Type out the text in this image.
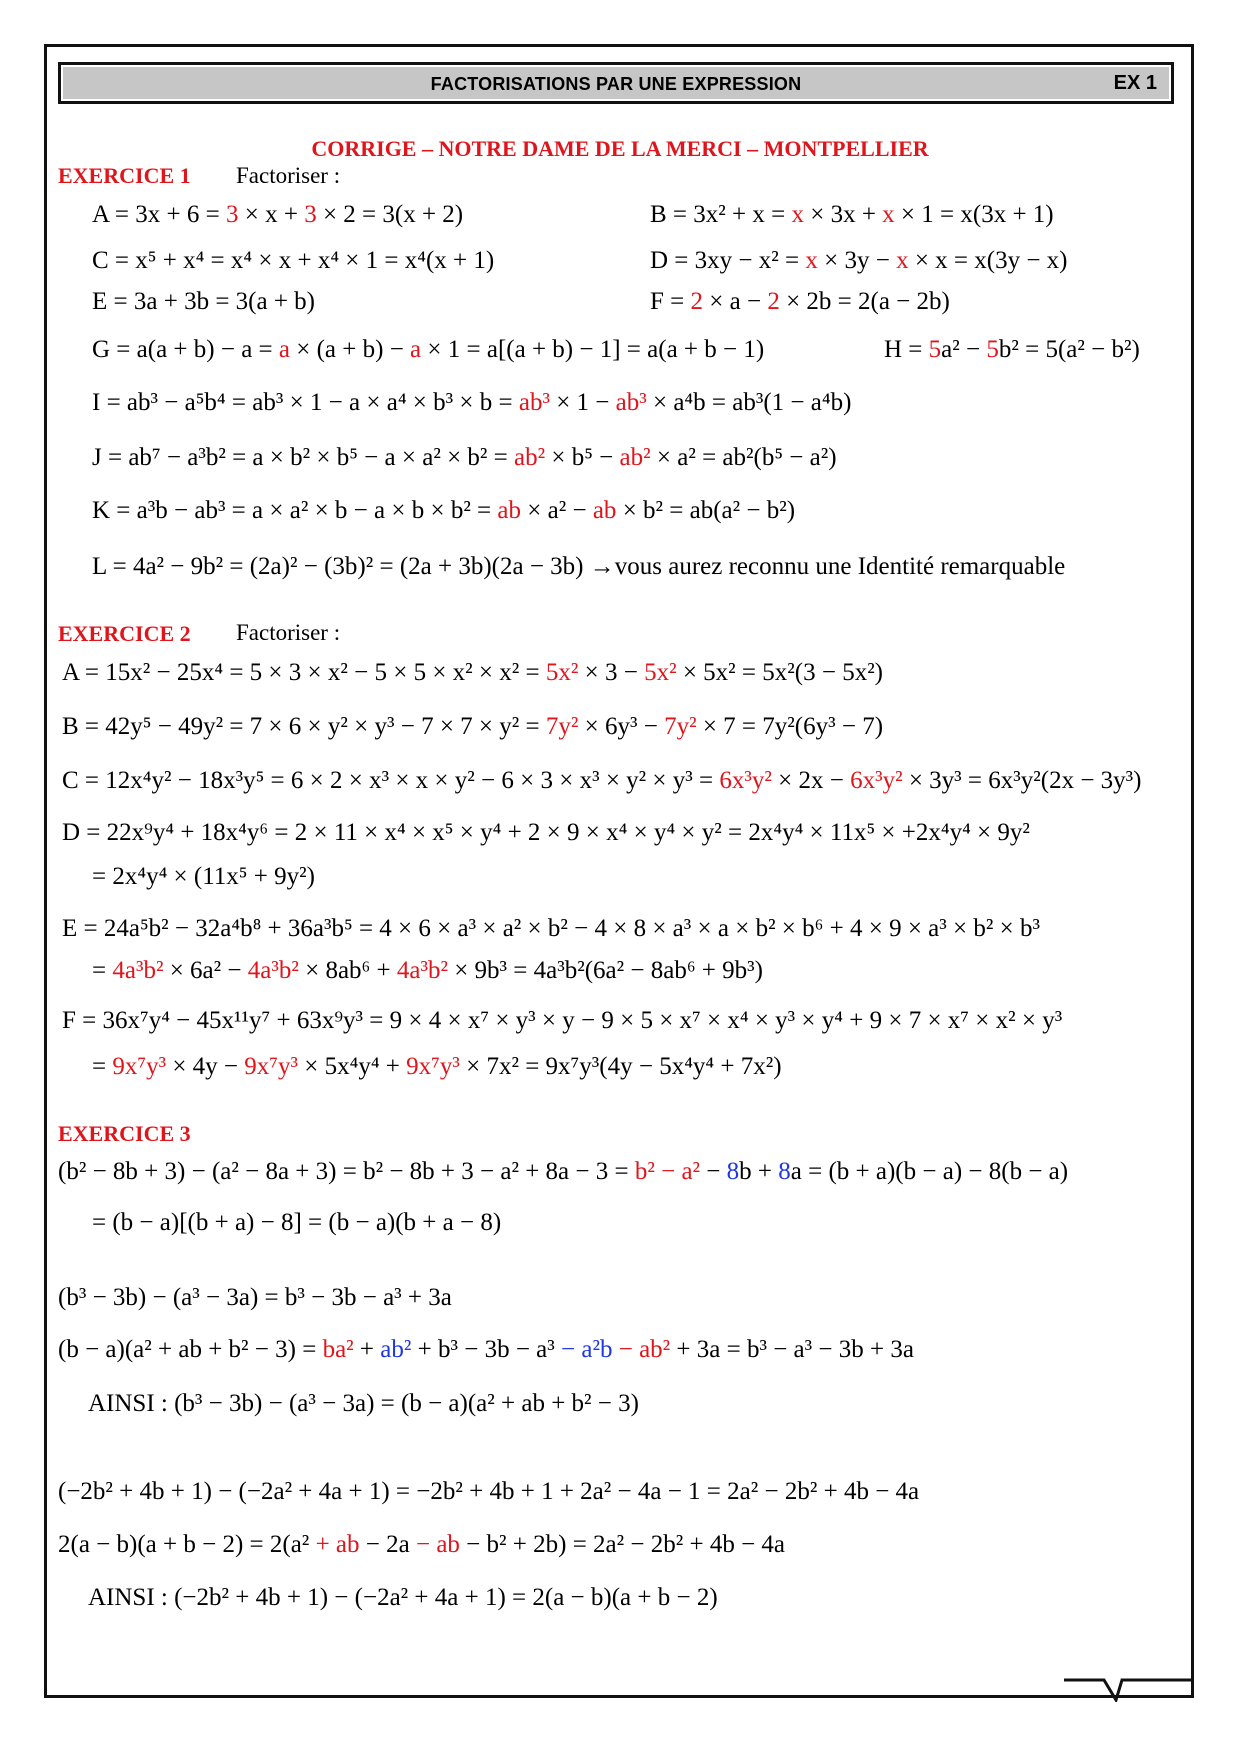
FACTORISATIONS PAR UNE EXPRESSION	EX 1
CORRIGE – NOTRE DAME DE LA MERCI – MONTPELLIER
EXERCICE 1 Factoriser :
A = 3x + 6 = 3 × x + 3 × 2 = 3(x + 2)	B = 3x² + x = x × 3x + x × 1 = x(3x + 1)
C = x⁵ + x⁴ = x⁴ × x + x⁴ × 1 = x⁴(x + 1)	D = 3xy − x² = x × 3y − x × x = x(3y − x)
E = 3a + 3b = 3(a + b)	F = 2 × a − 2 × 2b = 2(a − 2b)
G = a(a + b) − a = a × (a + b) − a × 1 = a[(a + b) − 1] = a(a + b − 1)	H = 5a² − 5b² = 5(a² − b²)
I = ab³ − a⁵b⁴ = ab³ × 1 − a × a⁴ × b³ × b = ab³ × 1 − ab³ × a⁴b = ab³(1 − a⁴b)
J = ab⁷ − a³b² = a × b² × b⁵ − a × a² × b² = ab² × b⁵ − ab² × a² = ab²(b⁵ − a²)
K = a³b − ab³ = a × a² × b − a × b × b² = ab × a² − ab × b² = ab(a² − b²)
L = 4a² − 9b² = (2a)² − (3b)² = (2a + 3b)(2a − 3b) →vous aurez reconnu une Identité remarquable
EXERCICE 2 Factoriser :
A = 15x² − 25x⁴ = 5 × 3 × x² − 5 × 5 × x² × x² = 5x² × 3 − 5x² × 5x² = 5x²(3 − 5x²)
B = 42y⁵ − 49y² = 7 × 6 × y² × y³ − 7 × 7 × y² = 7y² × 6y³ − 7y² × 7 = 7y²(6y³ − 7)
C = 12x⁴y² − 18x³y⁵ = 6 × 2 × x³ × x × y² − 6 × 3 × x³ × y² × y³ = 6x³y² × 2x − 6x³y² × 3y³ = 6x³y²(2x − 3y³)
D = 22x⁹y⁴ + 18x⁴y⁶ = 2 × 11 × x⁴ × x⁵ × y⁴ + 2 × 9 × x⁴ × y⁴ × y² = 2x⁴y⁴ × 11x⁵ × +2x⁴y⁴ × 9y²
= 2x⁴y⁴ × (11x⁵ + 9y²)
E = 24a⁵b² − 32a⁴b⁸ + 36a³b⁵ = 4 × 6 × a³ × a² × b² − 4 × 8 × a³ × a × b² × b⁶ + 4 × 9 × a³ × b² × b³
= 4a³b² × 6a² − 4a³b² × 8ab⁶ + 4a³b² × 9b³ = 4a³b²(6a² − 8ab⁶ + 9b³)
F = 36x⁷y⁴ − 45x¹¹y⁷ + 63x⁹y³ = 9 × 4 × x⁷ × y³ × y − 9 × 5 × x⁷ × x⁴ × y³ × y⁴ + 9 × 7 × x⁷ × x² × y³
= 9x⁷y³ × 4y − 9x⁷y³ × 5x⁴y⁴ + 9x⁷y³ × 7x² = 9x⁷y³(4y − 5x⁴y⁴ + 7x²)
EXERCICE 3
(b² − 8b + 3) − (a² − 8a + 3) = b² − 8b + 3 − a² + 8a − 3 = b² − a² − 8b + 8a = (b + a)(b − a) − 8(b − a)
= (b − a)[(b + a) − 8] = (b − a)(b + a − 8)
(b³ − 3b) − (a³ − 3a) = b³ − 3b − a³ + 3a
(b − a)(a² + ab + b² − 3) = ba² + ab² + b³ − 3b − a³ − a²b − ab² + 3a = b³ − a³ − 3b + 3a
AINSI : (b³ − 3b) − (a³ − 3a) = (b − a)(a² + ab + b² − 3)
(−2b² + 4b + 1) − (−2a² + 4a + 1) = −2b² + 4b + 1 + 2a² − 4a − 1 = 2a² − 2b² + 4b − 4a
2(a − b)(a + b − 2) = 2(a² + ab − 2a − ab − b² + 2b) = 2a² − 2b² + 4b − 4a
AINSI : (−2b² + 4b + 1) − (−2a² + 4a + 1) = 2(a − b)(a + b − 2)
